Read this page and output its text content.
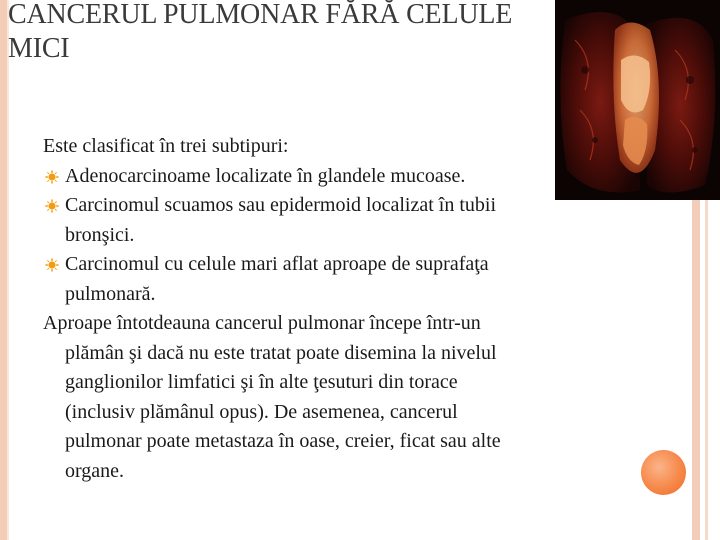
CANCERUL PULMONAR FĂRĂ CELULE
MICI
Este clasificat în trei subtipuri:
Adenocarcinoame localizate în glandele mucoase.
Carcinomul scuamos sau epidermoid localizat în tubii
bronşici.
Carcinomul cu celule mari aflat aproape de suprafaţa
pulmonară.
Aproape întotdeauna cancerul pulmonar începe într-un
plămân şi dacă nu este tratat poate disemina la nivelul
ganglionilor limfatici şi în alte ţesuturi din torace
(inclusiv plămânul opus). De asemenea, cancerul
pulmonar poate metastaza în oase, creier, ficat sau alte
organe.
